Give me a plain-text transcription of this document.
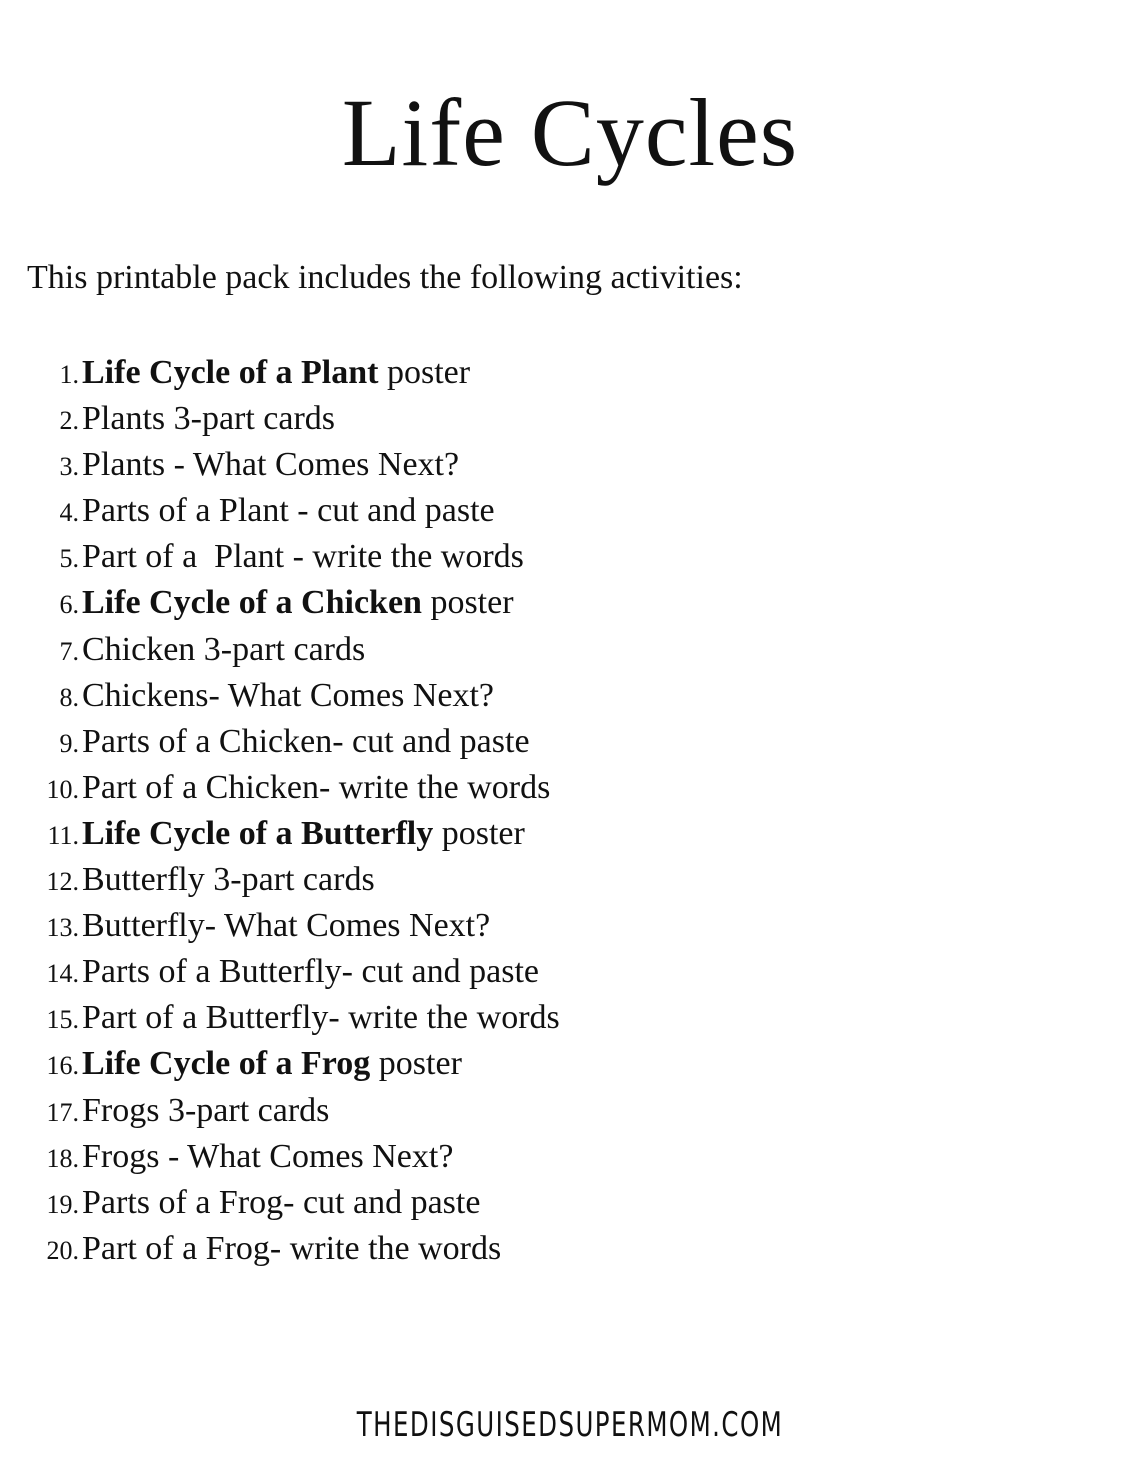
Life Cycles

This printable pack includes the following activities:

1. Life Cycle of a Plant poster
2. Plants 3-part cards
3. Plants - What Comes Next?
4. Parts of a Plant - cut and paste
5. Part of a  Plant - write the words
6. Life Cycle of a Chicken poster
7. Chicken 3-part cards
8. Chickens- What Comes Next?
9. Parts of a Chicken- cut and paste
10. Part of a Chicken- write the words
11. Life Cycle of a Butterfly poster
12. Butterfly 3-part cards
13. Butterfly- What Comes Next?
14. Parts of a Butterfly- cut and paste
15. Part of a Butterfly- write the words
16. Life Cycle of a Frog poster
17. Frogs 3-part cards
18. Frogs - What Comes Next?
19. Parts of a Frog- cut and paste
20. Part of a Frog- write the words

THEDISGUISEDSUPERMOM.COM
